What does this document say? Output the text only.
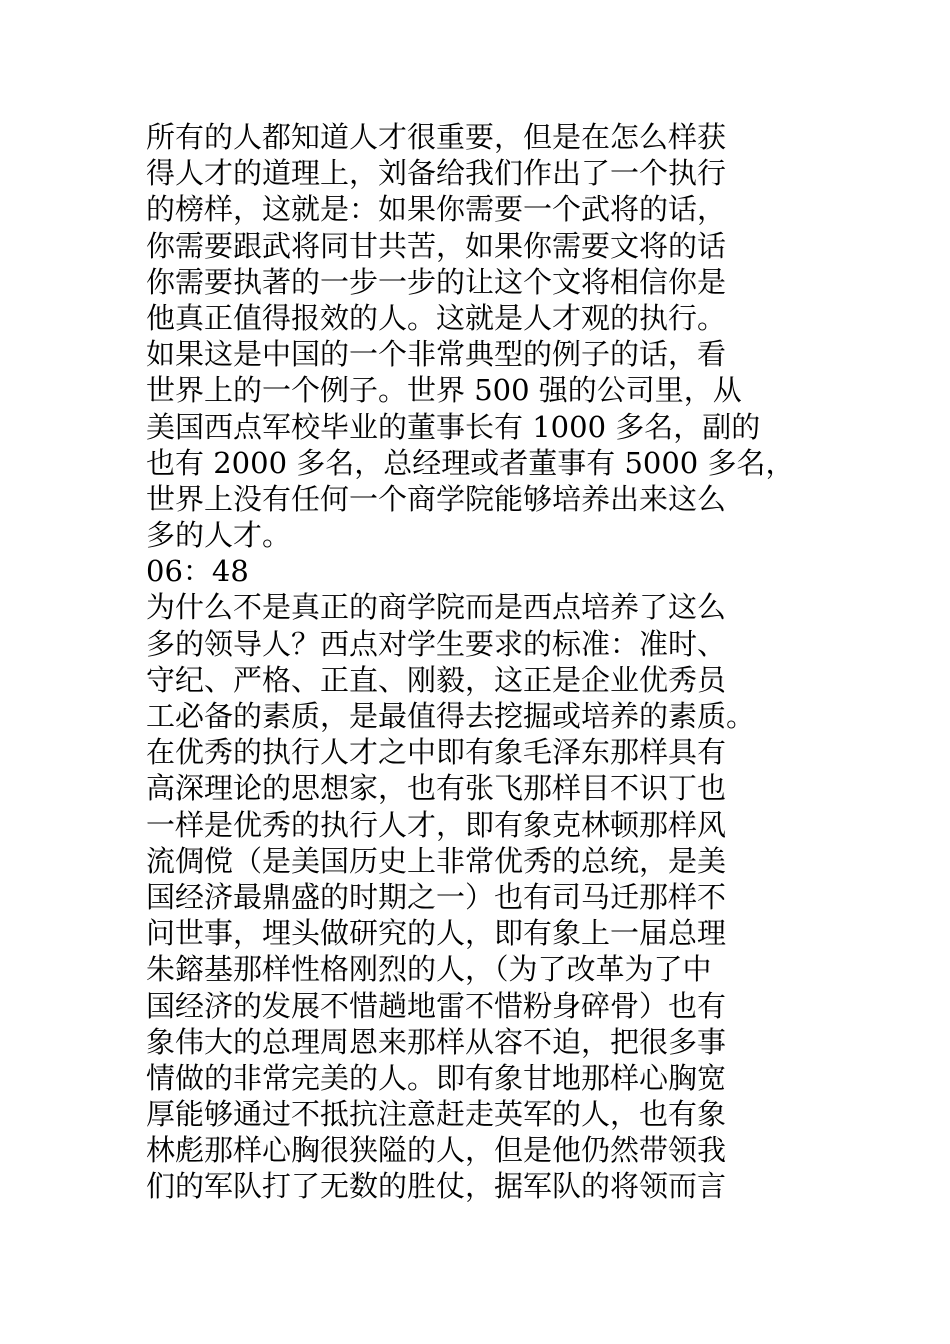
所有的人都知道人才很重要，但是在怎么样获
得人才的道理上，刘备给我们作出了一个执行
的榜样，这就是：如果你需要一个武将的话，
你需要跟武将同甘共苦，如果你需要文将的话
你需要执著的一步一步的让这个文将相信你是
他真正值得报效的人。这就是人才观的执行。
如果这是中国的一个非常典型的例子的话，看
世界上的一个例子。世界 500 强的公司里，从
美国西点军校毕业的董事长有 1000 多名，副的
也有 2000 多名，总经理或者董事有 5000 多名，
世界上没有任何一个商学院能够培养出来这么
多的人才。
06：48
为什么不是真正的商学院而是西点培养了这么
多的领导人？西点对学生要求的标准：准时、
守纪、严格、正直、刚毅，这正是企业优秀员
工必备的素质，是最值得去挖掘或培养的素质。
在优秀的执行人才之中即有象毛泽东那样具有
高深理论的思想家，也有张飞那样目不识丁也
一样是优秀的执行人才，即有象克林顿那样风
流倜傥（是美国历史上非常优秀的总统，是美
国经济最鼎盛的时期之一）也有司马迁那样不
问世事，埋头做研究的人，即有象上一届总理
朱鎔基那样性格刚烈的人，（为了改革为了中
国经济的发展不惜趟地雷不惜粉身碎骨）也有
象伟大的总理周恩来那样从容不迫，把很多事
情做的非常完美的人。即有象甘地那样心胸宽
厚能够通过不抵抗注意赶走英军的人，也有象
林彪那样心胸很狭隘的人，但是他仍然带领我
们的军队打了无数的胜仗，据军队的将领而言
